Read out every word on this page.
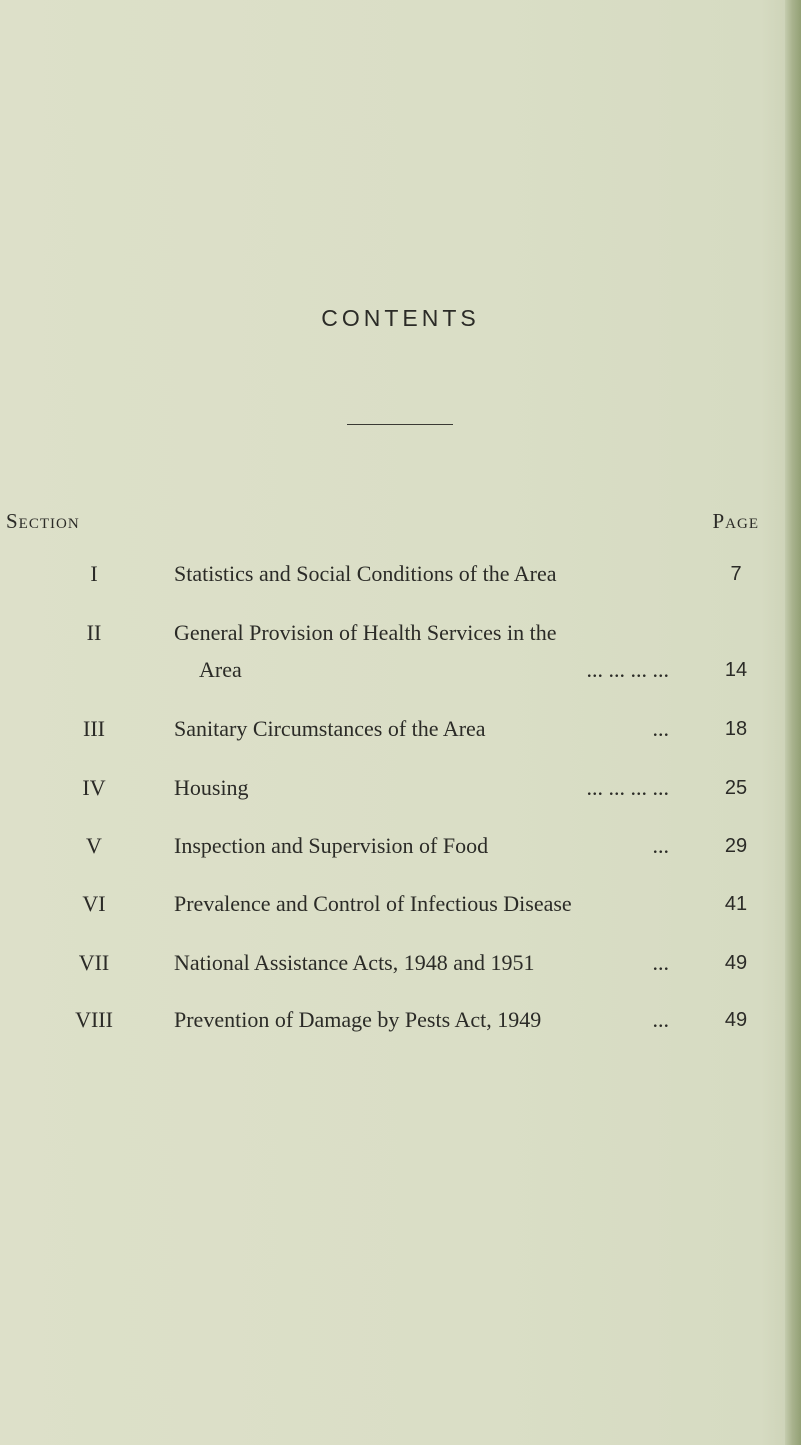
CONTENTS
Section	Page
I	Statistics and Social Conditions of the Area	7
II	General Provision of Health Services in the
Area	... ... ... ...	14
III	Sanitary Circumstances of the Area	...	18
IV	Housing	... ... ... ...	25
V	Inspection and Supervision of Food	...	29
VI	Prevalence and Control of Infectious Disease	41
VII	National Assistance Acts, 1948 and 1951	...	49
VIII	Prevention of Damage by Pests Act, 1949	...	49
